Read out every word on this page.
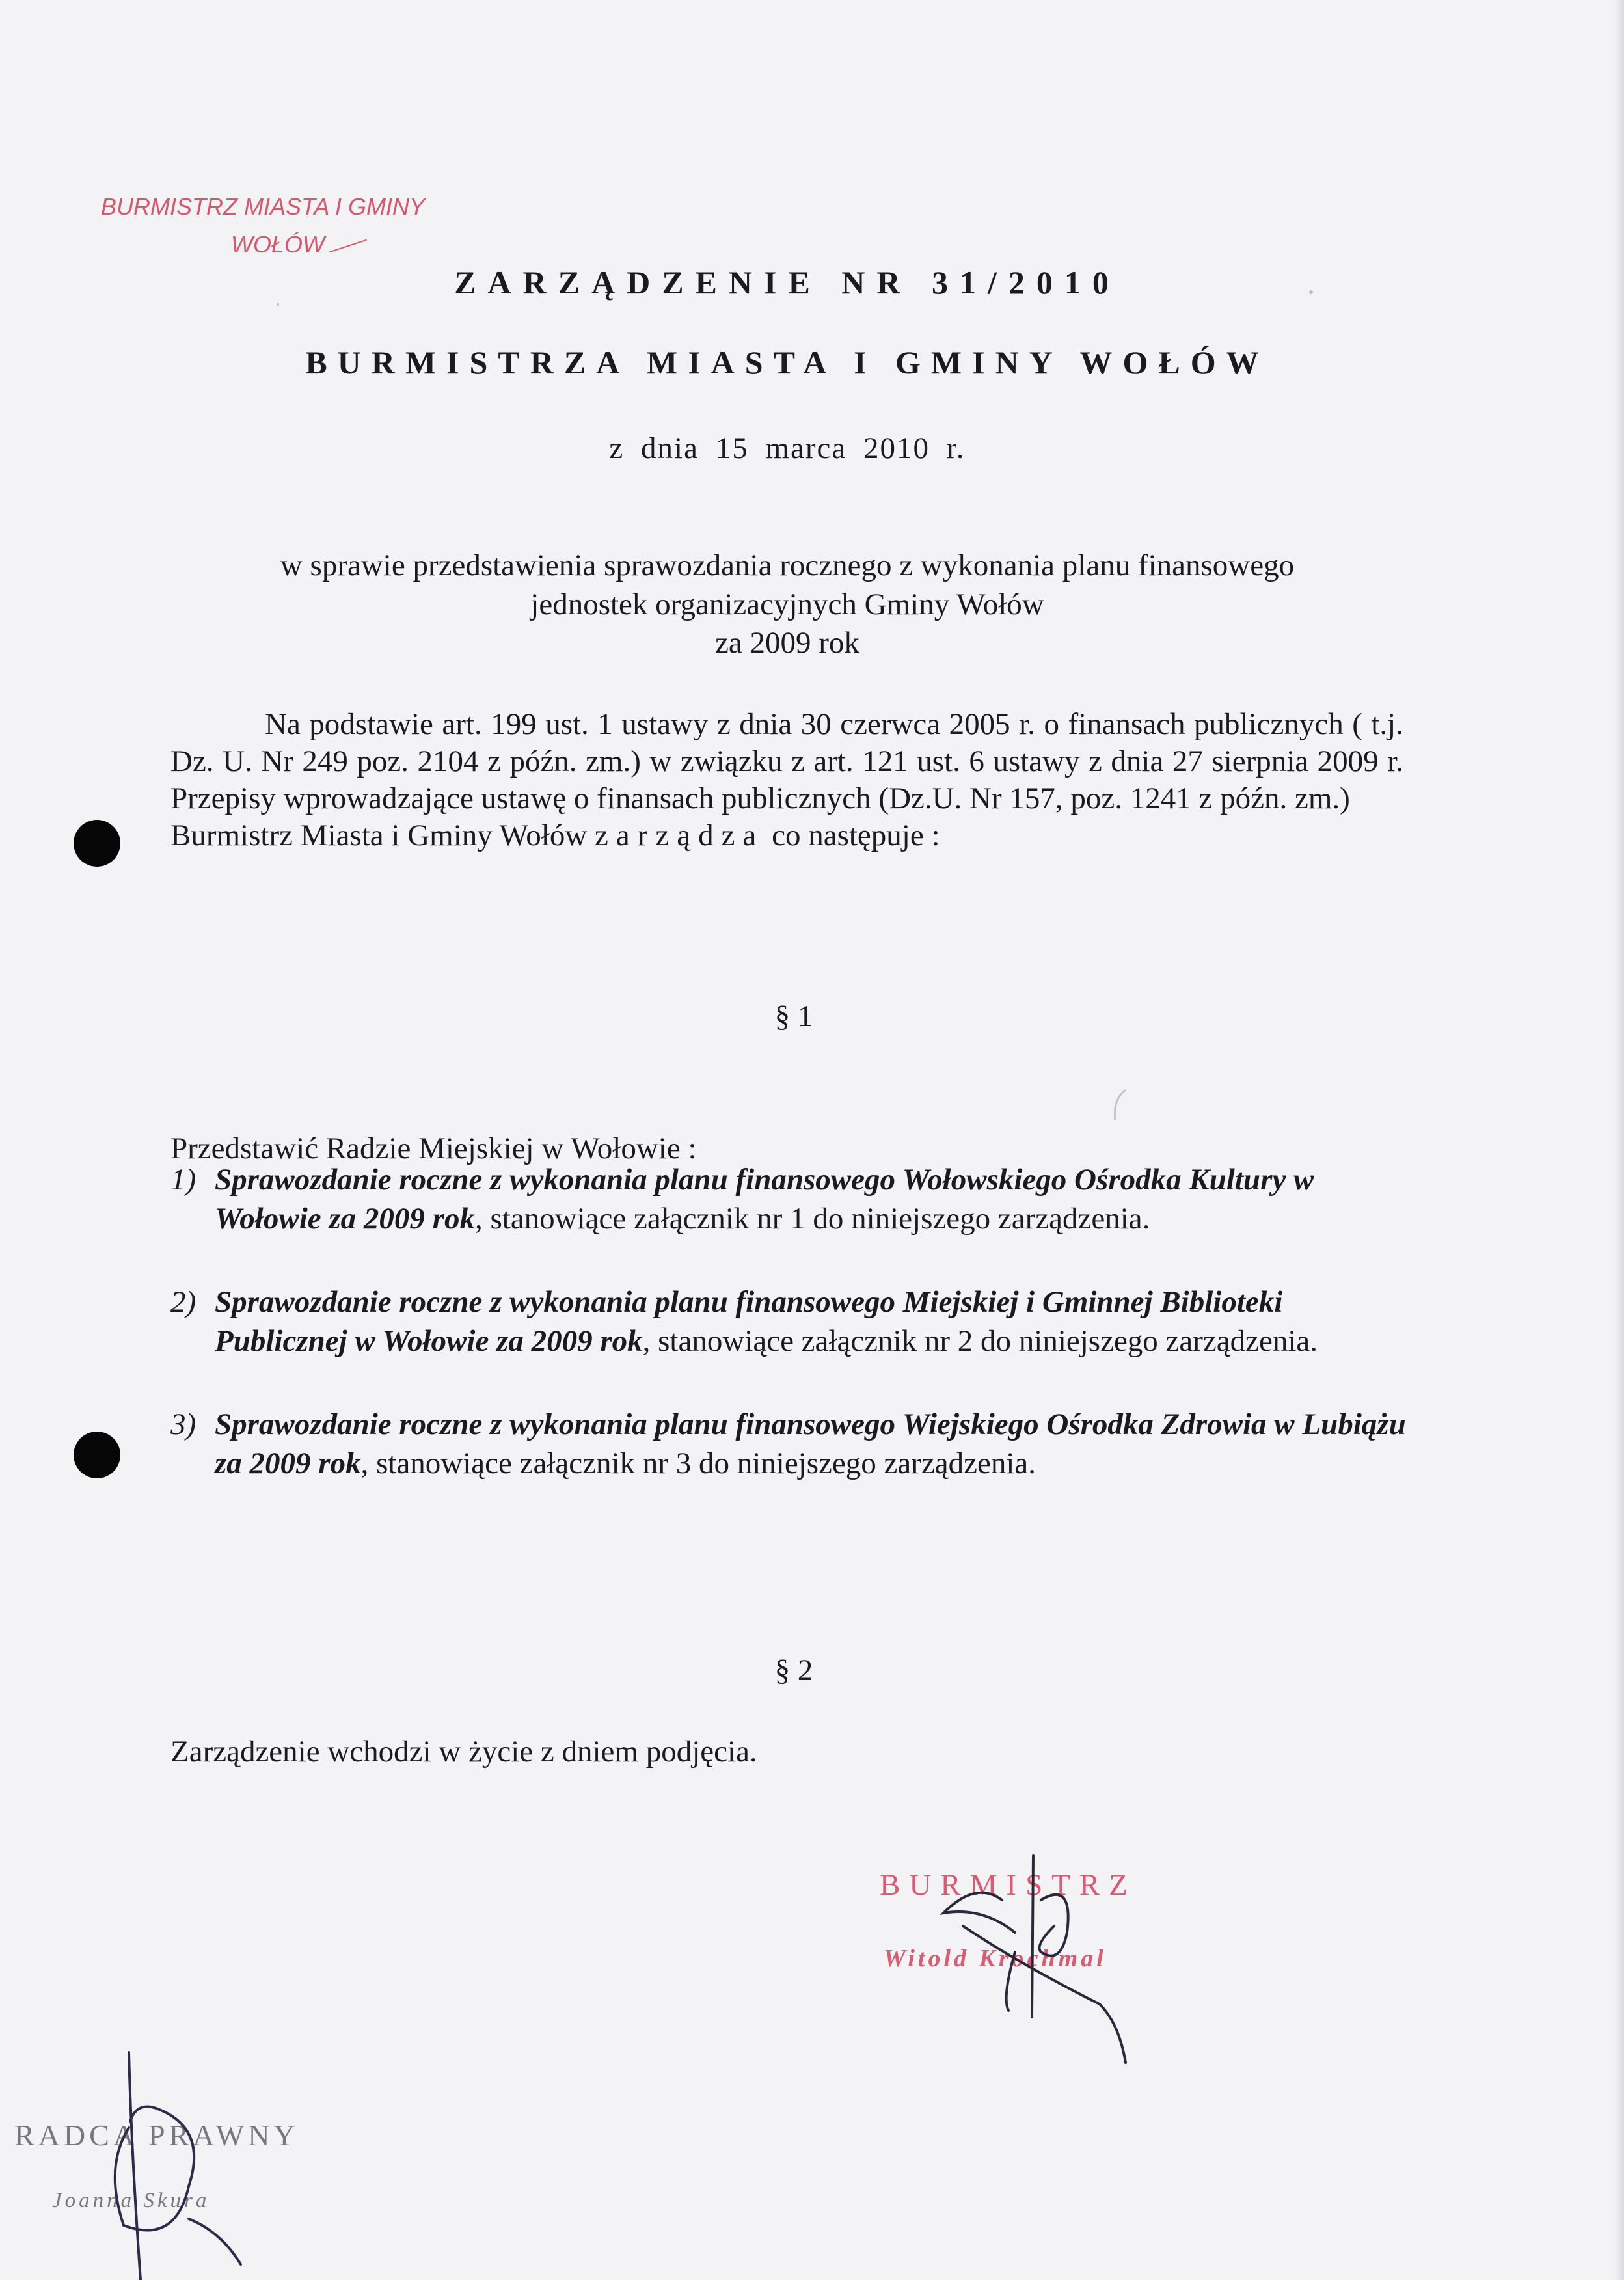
BURMISTRZ MIASTA I GMINY
WOŁÓW
ZARZĄDZENIE NR 31/2010
BURMISTRZA MIASTA I GMINY WOŁÓW
z dnia 15 marca 2010 r.
w sprawie przedstawienia sprawozdania rocznego z wykonania planu finansowego
jednostek organizacyjnych Gminy Wołów
za 2009 rok

Na podstawie art. 199 ust. 1 ustawy z dnia 30 czerwca 2005 r. o finansach publicznych ( t.j. Dz. U. Nr 249 poz. 2104 z późn. zm.) w związku z art. 121 ust. 6 ustawy z dnia 27 sierpnia 2009 r. Przepisy wprowadzające ustawę o finansach publicznych (Dz.U. Nr 157, poz. 1241 z późn. zm.)

Burmistrz Miasta i Gminy Wołów zarządza co następuje :

§ 1
Przedstawić Radzie Miejskiej w Wołowie :
1) Sprawozdanie roczne z wykonania planu finansowego Wołowskiego Ośrodka Kultury w Wołowie za 2009 rok, stanowiące załącznik nr 1 do niniejszego zarządzenia.
2) Sprawozdanie roczne z wykonania planu finansowego Miejskiej i Gminnej Biblioteki Publicznej w Wołowie za 2009 rok, stanowiące załącznik nr 2 do niniejszego zarządzenia.
3) Sprawozdanie roczne z wykonania planu finansowego Wiejskiego Ośrodka Zdrowia w Lubiążu za 2009 rok, stanowiące załącznik nr 3 do niniejszego zarządzenia.
§ 2
Zarządzenie wchodzi w życie z dniem podjęcia.
BURMISTRZ
Witold Krochmal
RADCA PRAWNY
Joanna Skura
